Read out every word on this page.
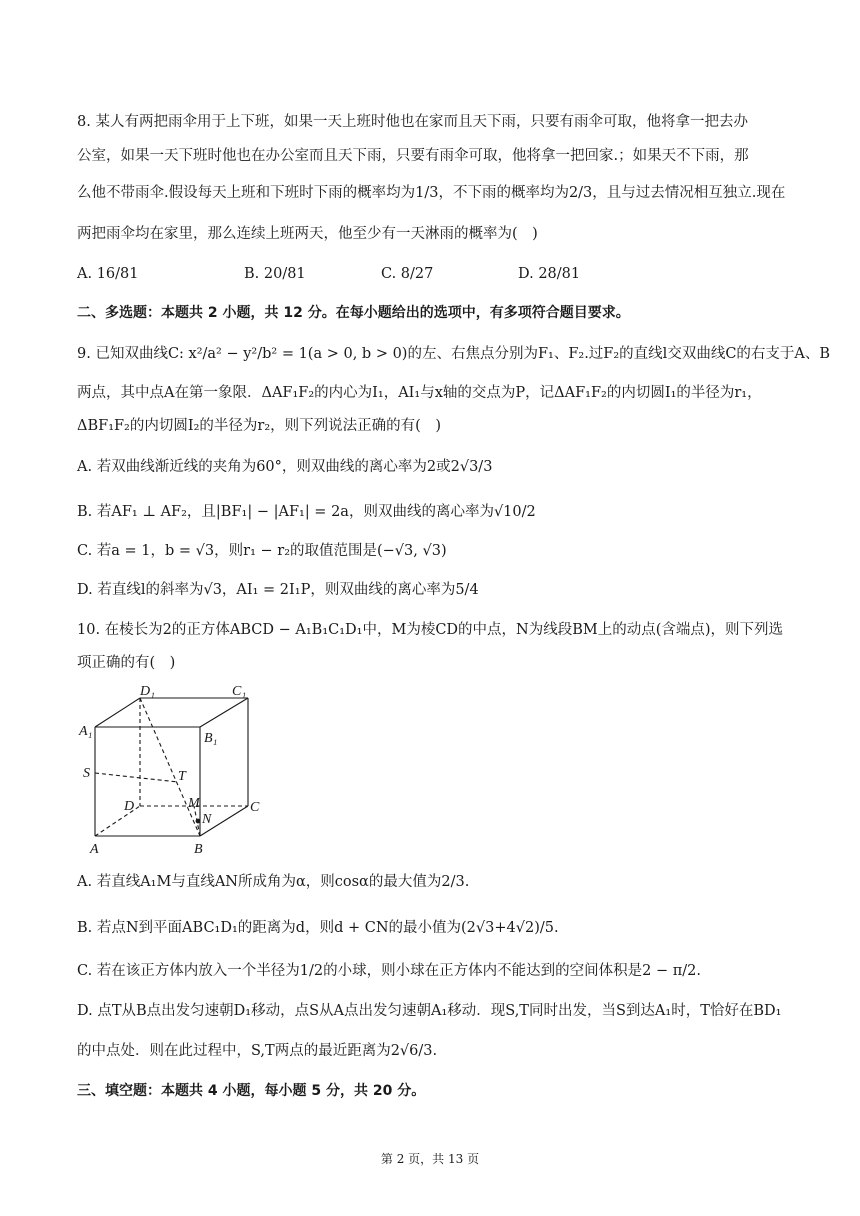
8. 某人有两把雨伞用于上下班，如果一天上班时他也在家而且天下雨，只要有雨伞可取，他将拿一把去办
公室，如果一天下班时他也在办公室而且天下雨，只要有雨伞可取，他将拿一把回家.；如果天不下雨，那
么他不带雨伞.假设每天上班和下班时下雨的概率均为1/3，不下雨的概率均为2/3，且与过去情况相互独立.现在
两把雨伞均在家里，那么连续上班两天，他至少有一天淋雨的概率为(　)
A. 16/81	B. 20/81	C. 8/27	D. 28/81
二、多选题：本题共 2 小题，共 12 分。在每小题给出的选项中，有多项符合题目要求。
9. 已知双曲线C: x²/a² − y²/b² = 1(a > 0, b > 0)的左、右焦点分别为F₁、F₂.过F₂的直线l交双曲线C的右支于A、B
两点，其中点A在第一象限．ΔAF₁F₂的内心为I₁，AI₁与x轴的交点为P，记ΔAF₁F₂的内切圆I₁的半径为r₁，
ΔBF₁F₂的内切圆I₂的半径为r₂，则下列说法正确的有(　)
A. 若双曲线渐近线的夹角为60°，则双曲线的离心率为2或2√3/3
B. 若AF₁ ⊥ AF₂，且|BF₁| − |AF₁| = 2a，则双曲线的离心率为√10/2
C. 若a = 1，b = √3，则r₁ − r₂的取值范围是(−√3, √3)
D. 若直线l的斜率为√3，AI₁ = 2I₁P，则双曲线的离心率为5/4
10. 在棱长为2的正方体ABCD − A₁B₁C₁D₁中，M为棱CD的中点，N为线段BM上的动点(含端点)，则下列选
项正确的有(　)
D₁	C₁
A₁	B₁
S	T
D	M	C
N
A	B
A. 若直线A₁M与直线AN所成角为α，则cosα的最大值为2/3.
B. 若点N到平面ABC₁D₁的距离为d，则d + CN的最小值为(2√3+4√2)/5.
C. 若在该正方体内放入一个半径为1/2的小球，则小球在正方体内不能达到的空间体积是2 − π/2.
D. 点T从B点出发匀速朝D₁移动，点S从A点出发匀速朝A₁移动．现S,T同时出发，当S到达A₁时，T恰好在BD₁
的中点处．则在此过程中，S,T两点的最近距离为2√6/3.
三、填空题：本题共 4 小题，每小题 5 分，共 20 分。
第 2 页，共 13 页
